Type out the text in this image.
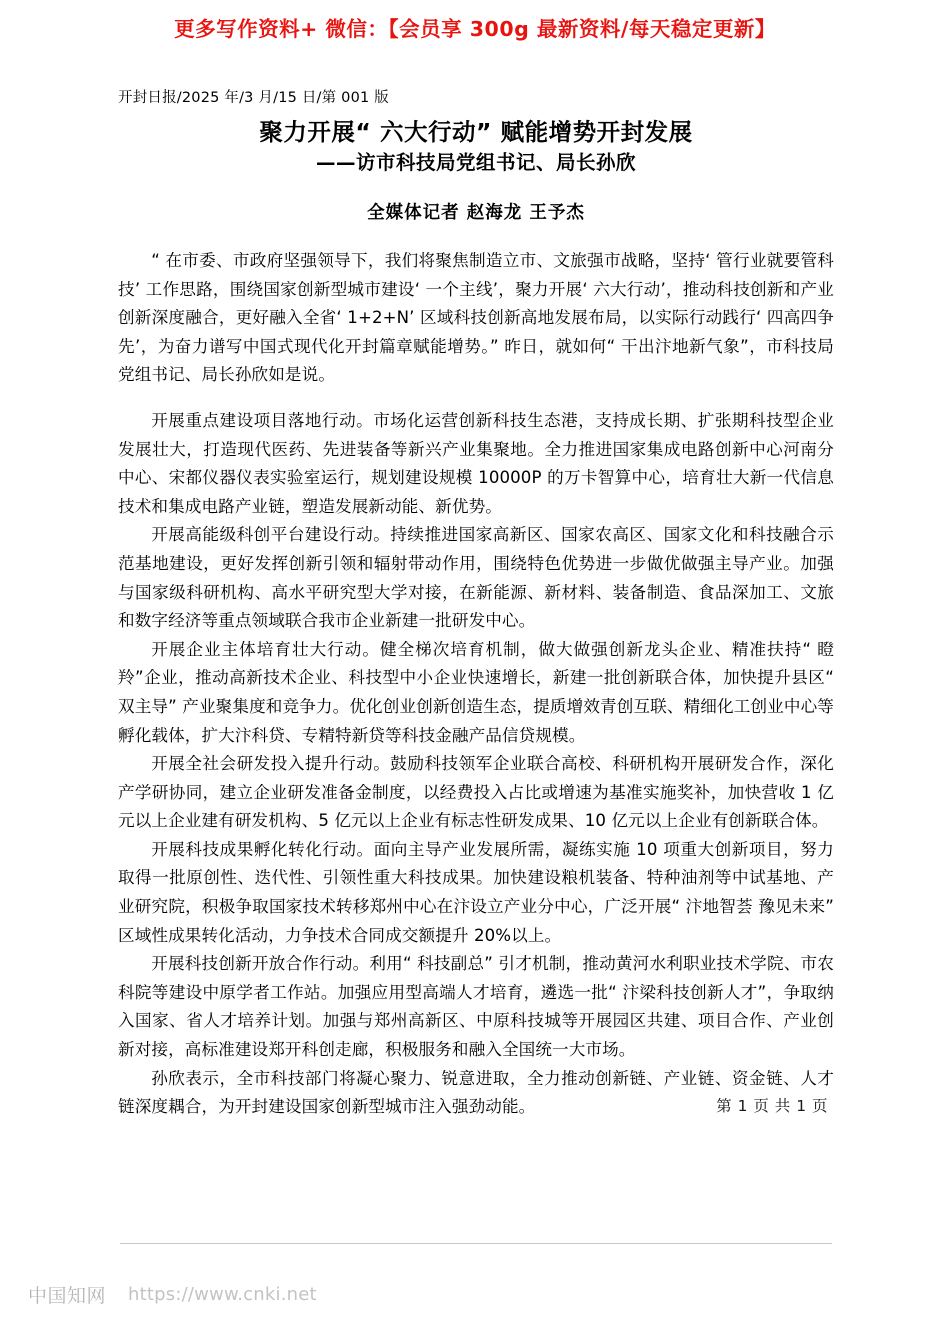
更多写作资料+ 微信：【会员享 300g 最新资料/每天稳定更新】
开封日报/2025 年/3 月/15 日/第 001 版
聚力开展“ 六大行动” 赋能增势开封发展
——访市科技局党组书记、局长孙欣
全媒体记者 赵海龙 王予杰

“ 在市委、市政府坚强领导下，我们将聚焦制造立市、文旅强市战略，坚持‘ 管行业就要管科技’ 工作思路，围绕国家创新型城市建设‘ 一个主线’，聚力开展‘ 六大行动’，推动科技创新和产业创新深度融合，更好融入全省‘ 1+2+N’ 区域科技创新高地发展布局，以实际行动践行‘ 四高四争先’，为奋力谱写中国式现代化开封篇章赋能增势。” 昨日，就如何“ 干出汴地新气象”，市科技局党组书记、局长孙欣如是说。

开展重点建设项目落地行动。市场化运营创新科技生态港，支持成长期、扩张期科技型企业发展壮大，打造现代医药、先进装备等新兴产业集聚地。全力推进国家集成电路创新中心河南分中心、宋都仪器仪表实验室运行，规划建设规模 10000P 的万卡智算中心，培育壮大新一代信息技术和集成电路产业链，塑造发展新动能、新优势。

开展高能级科创平台建设行动。持续推进国家高新区、国家农高区、国家文化和科技融合示范基地建设，更好发挥创新引领和辐射带动作用，围绕特色优势进一步做优做强主导产业。加强与国家级科研机构、高水平研究型大学对接，在新能源、新材料、装备制造、食品深加工、文旅和数字经济等重点领域联合我市企业新建一批研发中心。

开展企业主体培育壮大行动。健全梯次培育机制，做大做强创新龙头企业、精准扶持“ 瞪羚”企业，推动高新技术企业、科技型中小企业快速增长，新建一批创新联合体，加快提升县区“ 双主导” 产业聚集度和竞争力。优化创业创新创造生态，提质增效青创互联、精细化工创业中心等孵化载体，扩大汴科贷、专精特新贷等科技金融产品信贷规模。

开展全社会研发投入提升行动。鼓励科技领军企业联合高校、科研机构开展研发合作，深化产学研协同，建立企业研发准备金制度，以经费投入占比或增速为基准实施奖补，加快营收 1 亿元以上企业建有研发机构、5 亿元以上企业有标志性研发成果、10 亿元以上企业有创新联合体。

开展科技成果孵化转化行动。面向主导产业发展所需，凝练实施 10 项重大创新项目，努力取得一批原创性、迭代性、引领性重大科技成果。加快建设粮机装备、特种油剂等中试基地、产业研究院，积极争取国家技术转移郑州中心在汴设立产业分中心，广泛开展“ 汴地智荟 豫见未来” 区域性成果转化活动，力争技术合同成交额提升 20%以上。

开展科技创新开放合作行动。利用“ 科技副总” 引才机制，推动黄河水利职业技术学院、市农科院等建设中原学者工作站。加强应用型高端人才培育，遴选一批“ 汴梁科技创新人才”，争取纳入国家、省人才培养计划。加强与郑州高新区、中原科技城等开展园区共建、项目合作、产业创新对接，高标准建设郑开科创走廊，积极服务和融入全国统一大市场。

孙欣表示，全市科技部门将凝心聚力、锐意进取，全力推动创新链、产业链、资金链、人才链深度耦合，为开封建设国家创新型城市注入强劲动能。	第 1 页 共 1 页
中国知网 https://www.cnki.net
